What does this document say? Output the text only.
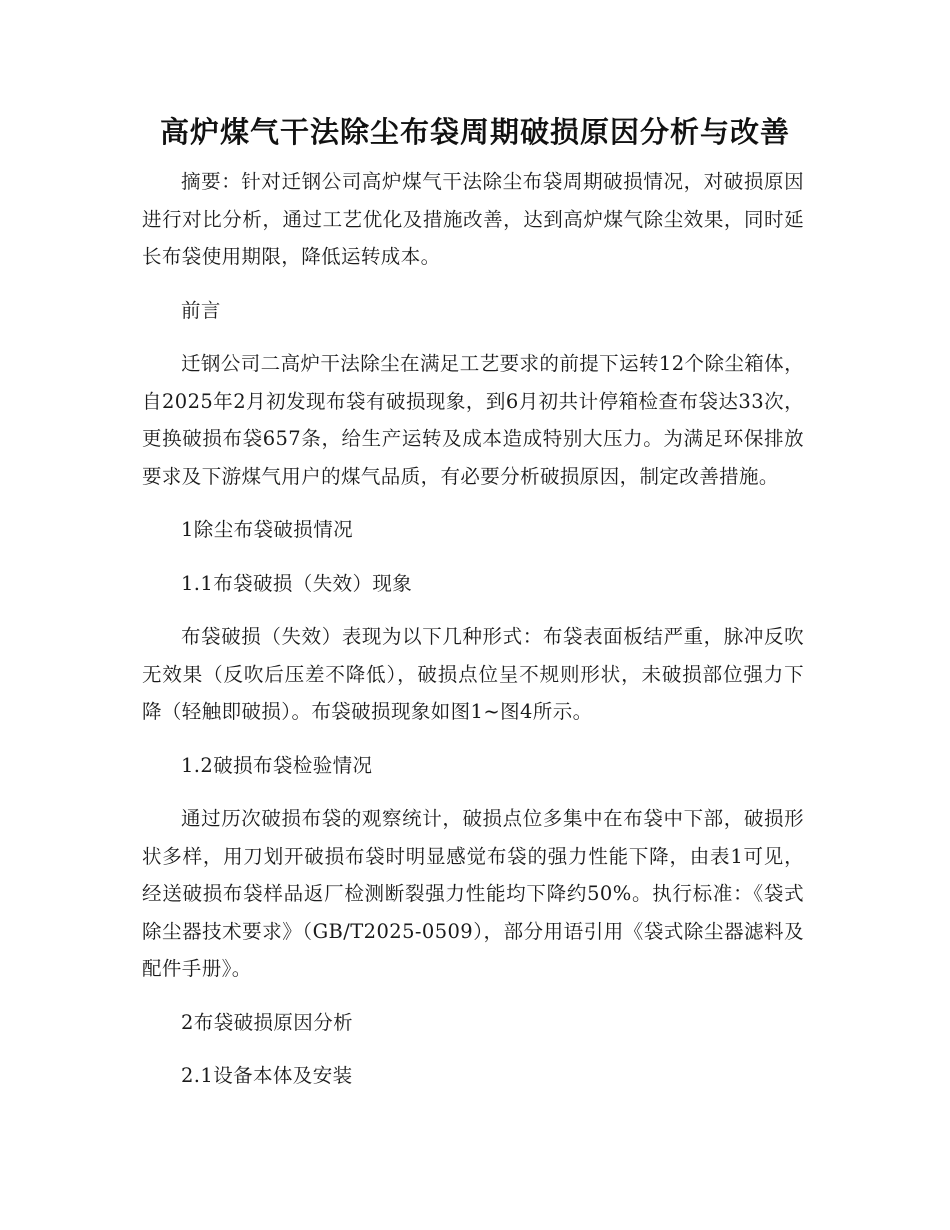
高炉煤气干法除尘布袋周期破损原因分析与改善

摘要：针对迁钢公司高炉煤气干法除尘布袋周期破损情况，对破损原因进行对比分析，通过工艺优化及措施改善，达到高炉煤气除尘效果，同时延长布袋使用期限，降低运转成本。

前言

迁钢公司二高炉干法除尘在满足工艺要求的前提下运转12个除尘箱体，自2025年2月初发现布袋有破损现象，到6月初共计停箱检查布袋达33次，更换破损布袋657条，给生产运转及成本造成特别大压力。为满足环保排放要求及下游煤气用户的煤气品质，有必要分析破损原因，制定改善措施。

1除尘布袋破损情况

1.1布袋破损（失效）现象

布袋破损（失效）表现为以下几种形式：布袋表面板结严重，脉冲反吹无效果（反吹后压差不降低），破损点位呈不规则形状，未破损部位强力下降（轻触即破损）。布袋破损现象如图1~图4所示。

1.2破损布袋检验情况

通过历次破损布袋的观察统计，破损点位多集中在布袋中下部，破损形状多样，用刀划开破损布袋时明显感觉布袋的强力性能下降，由表1可见，经送破损布袋样品返厂检测断裂强力性能均下降约50%。执行标准：《袋式除尘器技术要求》（GB/T2025-0509），部分用语引用《袋式除尘器滤料及配件手册》。

2布袋破损原因分析

2.1设备本体及安装
